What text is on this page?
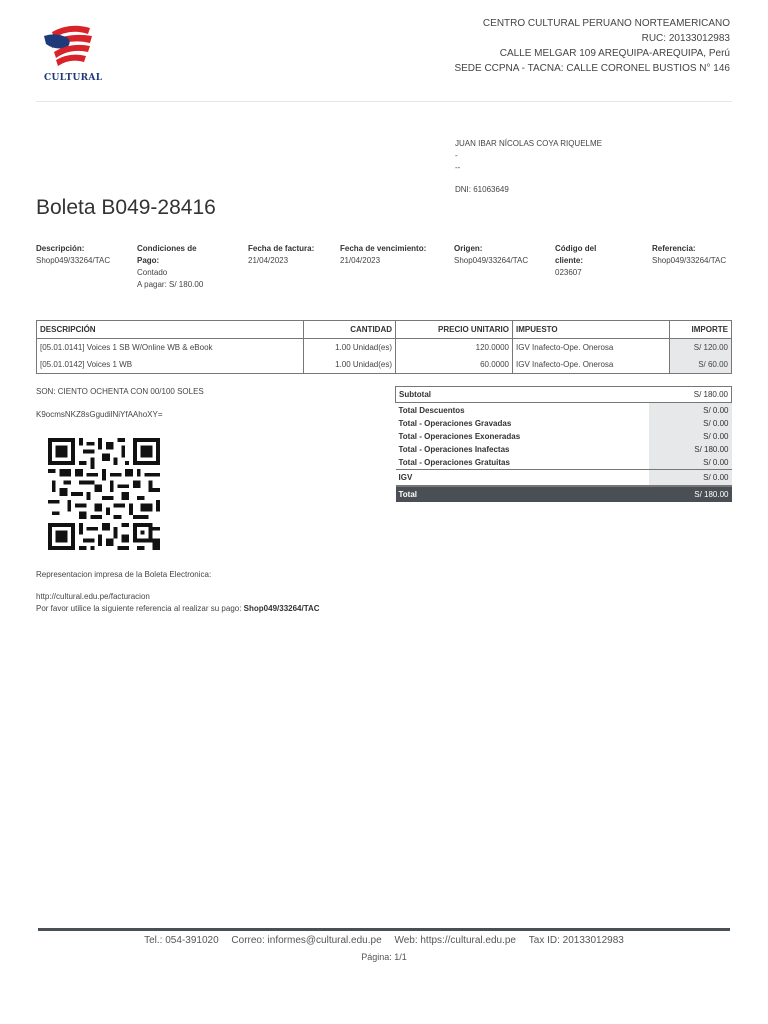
CULTURAL
CENTRO CULTURAL PERUANO NORTEAMERICANO
RUC: 20133012983
CALLE MELGAR 109 AREQUIPA-AREQUIPA, Perú
SEDE CCPNA - TACNA: CALLE CORONEL BUSTIOS N° 146
JUAN IBAR NÍCOLAS COYA RIQUELME
-
--
DNI: 61063649
Boleta B049-28416
Descripción:
Shop049/33264/TAC
Condiciones de
Pago:
Contado
A pagar: S/ 180.00
Fecha de factura:
21/04/2023
Fecha de vencimiento:
21/04/2023
Origen:
Shop049/33264/TAC
Código del
cliente:
023607
Referencia:
Shop049/33264/TAC
DESCRIPCIÓN	CANTIDAD	PRECIO UNITARIO	IMPUESTO	IMPORTE
[05.01.0141] Voices 1 SB W/Online WB & eBook	1.00 Unidad(es)	120.0000	IGV Inafecto-Ope. Onerosa	S/ 120.00
[05.01.0142] Voices 1 WB	1.00 Unidad(es)	60.0000	IGV Inafecto-Ope. Onerosa	S/ 60.00
SON: CIENTO OCHENTA CON 00/100 SOLES
K9ocmsNKZ8sGgudilNiYfAAhoXY=
Subtotal	S/ 180.00
Total Descuentos	S/ 0.00
Total - Operaciones Gravadas	S/ 0.00
Total - Operaciones Exoneradas	S/ 0.00
Total - Operaciones Inafectas	S/ 180.00
Total - Operaciones Gratuitas	S/ 0.00
IGV	S/ 0.00
Total	S/ 180.00
Representacion impresa de la Boleta Electronica:
http://cultural.edu.pe/facturacion
Por favor utilice la siguiente referencia al realizar su pago: Shop049/33264/TAC
Tel.: 054-391020 Correo: informes@cultural.edu.pe Web: https://cultural.edu.pe Tax ID: 20133012983
Página: 1/1
